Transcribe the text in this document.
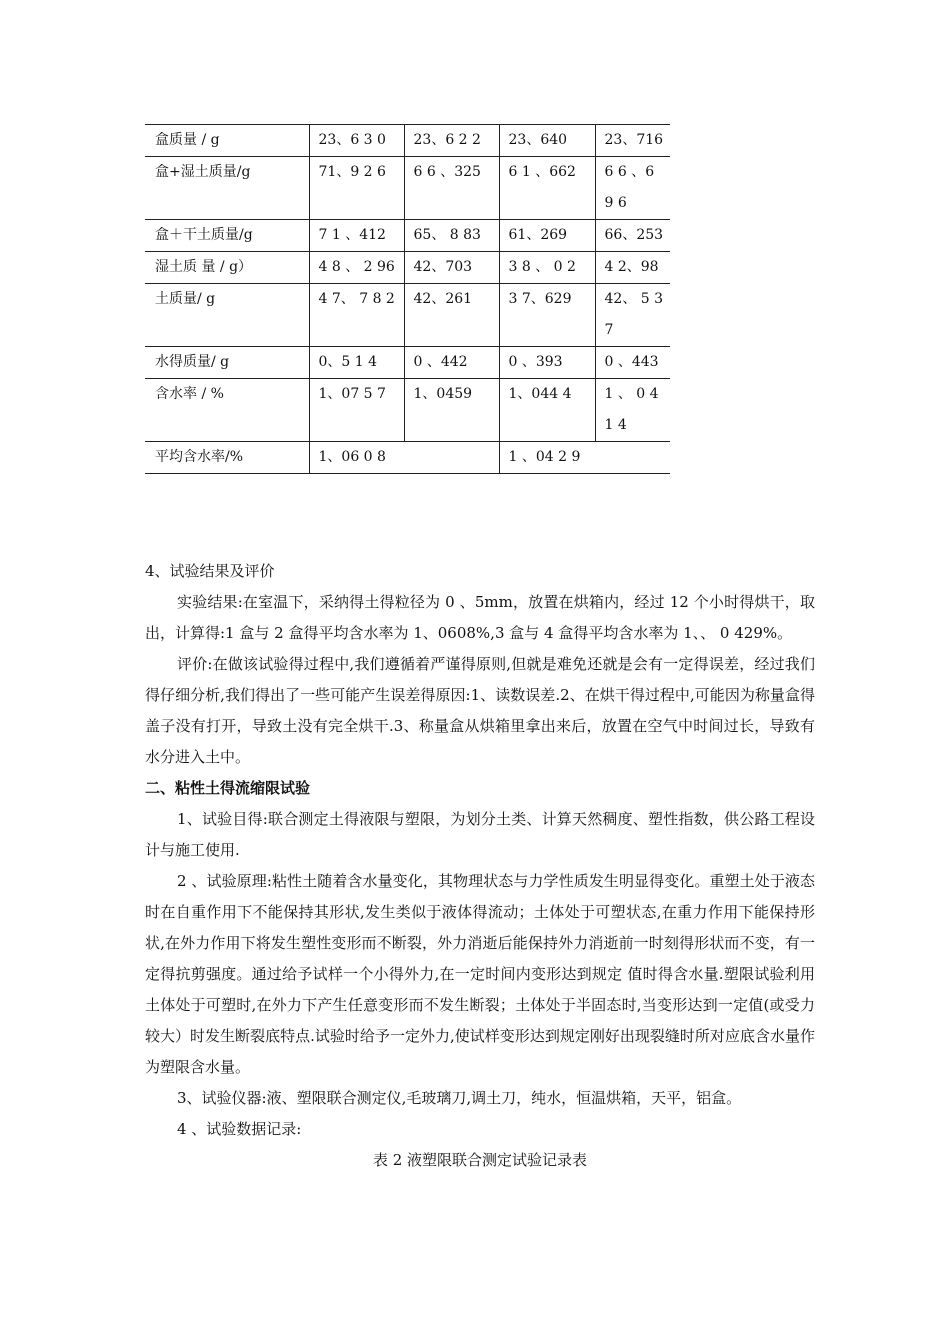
盒质量 / g	23、6 3 0	23、6 2 2	23、640	23、716
盒+湿土质量/g	71、9 2 6	6 6 、325	6 1 、662	6 6 、6 9 6
盒＋干土质量/g	7 1 、412	65、 8 83	61、269	66、253
湿土质 量 / g）	4 8 、 2 96	42、703	3 8 、 0 2	4 2、98
土质量/ g	4 7、 7 8 2	42、261	3 7、629	42、 5 3 7
水得质量/ g	0、5 1 4	0 、442	0 、393	0 、443
含水率 / %	1、07 5 7	1、0459	1、044 4	1 、 0 4 1 4
平均含水率/%	1、06 0 8		1 、04 2 9	

4、试验结果及评价

实验结果:在室温下，采纳得土得粒径为 0 、5mm，放置在烘箱内，经过 12 个小时得烘干，取出，计算得:1 盒与 2 盒得平均含水率为 1、0608%,3 盒与 4 盒得平均含水率为 1、、 0 429%。

评价:在做该试验得过程中,我们遵循着严谨得原则,但就是难免还就是会有一定得误差，经过我们得仔细分析,我们得出了一些可能产生误差得原因:1、读数误差.2、在烘干得过程中,可能因为称量盒得盖子没有打开，导致土没有完全烘干.3、称量盒从烘箱里拿出来后，放置在空气中时间过长，导致有水分进入土中。

二、粘性土得流缩限试验

1、试验目得:联合测定土得液限与塑限，为划分土类、计算天然稠度、塑性指数，供公路工程设计与施工使用.

2 、试验原理:粘性土随着含水量变化，其物理状态与力学性质发生明显得变化。重塑土处于液态时在自重作用下不能保持其形状,发生类似于液体得流动；土体处于可塑状态,在重力作用下能保持形状,在外力作用下将发生塑性变形而不断裂，外力消逝后能保持外力消逝前一时刻得形状而不变，有一定得抗剪强度。通过给予试样一个小得外力,在一定时间内变形达到规定 值时得含水量.塑限试验利用土体处于可塑时,在外力下产生任意变形而不发生断裂；土体处于半固态时,当变形达到一定值(或受力较大）时发生断裂底特点.试验时给予一定外力,使试样变形达到规定刚好出现裂缝时所对应底含水量作为塑限含水量。

3、试验仪器:液、塑限联合测定仪,毛玻璃刀,调土刀，纯水，恒温烘箱，天平，铝盒。

4 、试验数据记录:

表 2 液塑限联合测定试验记录表
